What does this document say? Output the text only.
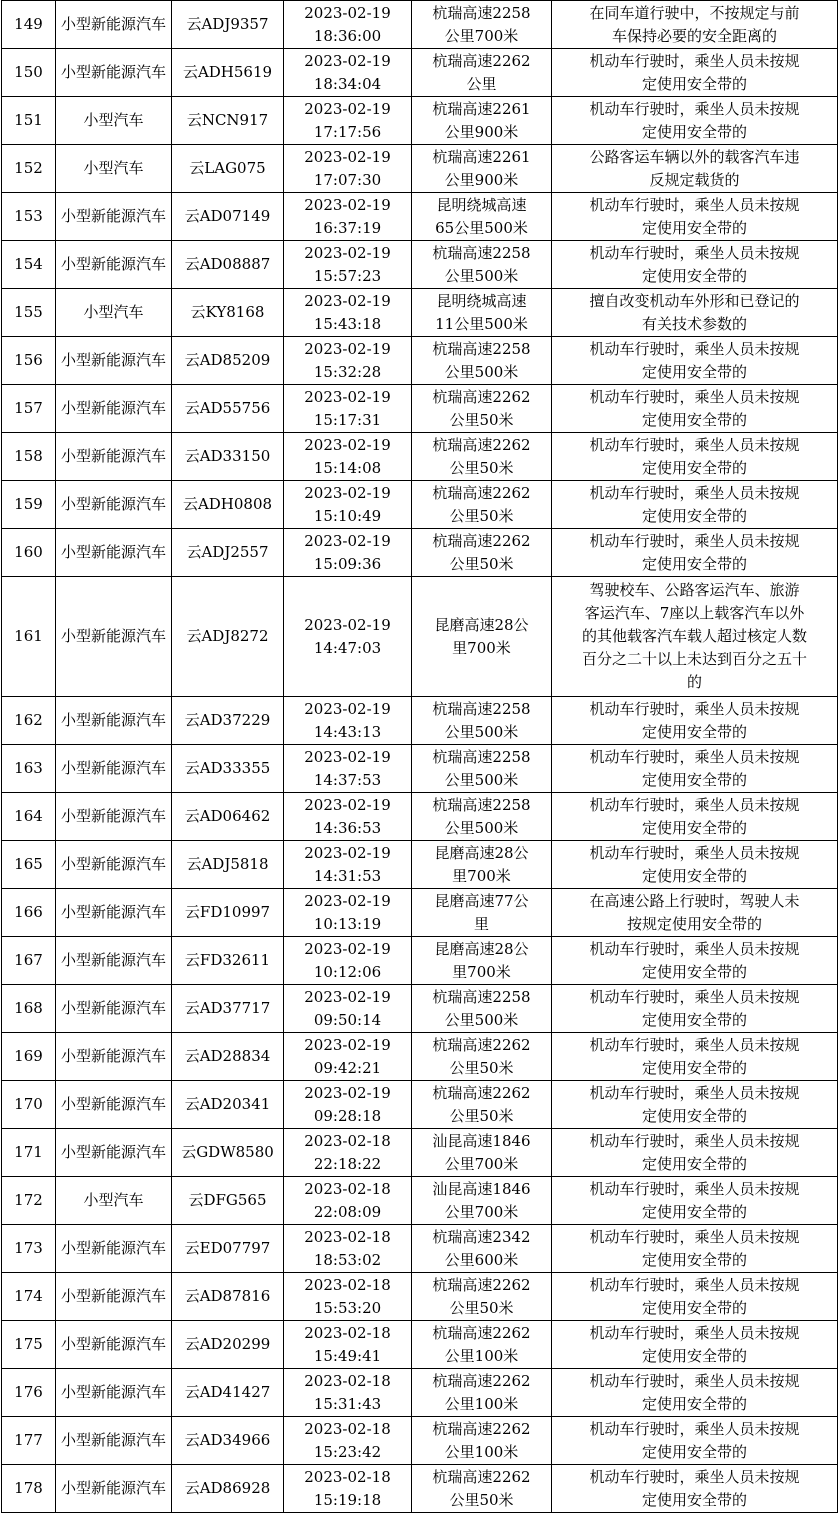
149	小型新能源汽车	云ADJ9357	2023-02-19
18:36:00	杭瑞高速2258
公里700米	在同车道行驶中，不按规定与前
车保持必要的安全距离的
150	小型新能源汽车	云ADH5619	2023-02-19
18:34:04	杭瑞高速2262
公里	机动车行驶时，乘坐人员未按规
定使用安全带的
151	小型汽车	云NCN917	2023-02-19
17:17:56	杭瑞高速2261
公里900米	机动车行驶时，乘坐人员未按规
定使用安全带的
152	小型汽车	云LAG075	2023-02-19
17:07:30	杭瑞高速2261
公里900米	公路客运车辆以外的载客汽车违
反规定载货的
153	小型新能源汽车	云AD07149	2023-02-19
16:37:19	昆明绕城高速
65公里500米	机动车行驶时，乘坐人员未按规
定使用安全带的
154	小型新能源汽车	云AD08887	2023-02-19
15:57:23	杭瑞高速2258
公里500米	机动车行驶时，乘坐人员未按规
定使用安全带的
155	小型汽车	云KY8168	2023-02-19
15:43:18	昆明绕城高速
11公里500米	擅自改变机动车外形和已登记的
有关技术参数的
156	小型新能源汽车	云AD85209	2023-02-19
15:32:28	杭瑞高速2258
公里500米	机动车行驶时，乘坐人员未按规
定使用安全带的
157	小型新能源汽车	云AD55756	2023-02-19
15:17:31	杭瑞高速2262
公里50米	机动车行驶时，乘坐人员未按规
定使用安全带的
158	小型新能源汽车	云AD33150	2023-02-19
15:14:08	杭瑞高速2262
公里50米	机动车行驶时，乘坐人员未按规
定使用安全带的
159	小型新能源汽车	云ADH0808	2023-02-19
15:10:49	杭瑞高速2262
公里50米	机动车行驶时，乘坐人员未按规
定使用安全带的
160	小型新能源汽车	云ADJ2557	2023-02-19
15:09:36	杭瑞高速2262
公里50米	机动车行驶时，乘坐人员未按规
定使用安全带的
161	小型新能源汽车	云ADJ8272	2023-02-19
14:47:03	昆磨高速28公
里700米	驾驶校车、公路客运汽车、旅游
客运汽车、7座以上载客汽车以外
的其他载客汽车载人超过核定人数
百分之二十以上未达到百分之五十
的
162	小型新能源汽车	云AD37229	2023-02-19
14:43:13	杭瑞高速2258
公里500米	机动车行驶时，乘坐人员未按规
定使用安全带的
163	小型新能源汽车	云AD33355	2023-02-19
14:37:53	杭瑞高速2258
公里500米	机动车行驶时，乘坐人员未按规
定使用安全带的
164	小型新能源汽车	云AD06462	2023-02-19
14:36:53	杭瑞高速2258
公里500米	机动车行驶时，乘坐人员未按规
定使用安全带的
165	小型新能源汽车	云ADJ5818	2023-02-19
14:31:53	昆磨高速28公
里700米	机动车行驶时，乘坐人员未按规
定使用安全带的
166	小型新能源汽车	云FD10997	2023-02-19
10:13:19	昆磨高速77公
里	在高速公路上行驶时，驾驶人未
按规定使用安全带的
167	小型新能源汽车	云FD32611	2023-02-19
10:12:06	昆磨高速28公
里700米	机动车行驶时，乘坐人员未按规
定使用安全带的
168	小型新能源汽车	云AD37717	2023-02-19
09:50:14	杭瑞高速2258
公里500米	机动车行驶时，乘坐人员未按规
定使用安全带的
169	小型新能源汽车	云AD28834	2023-02-19
09:42:21	杭瑞高速2262
公里50米	机动车行驶时，乘坐人员未按规
定使用安全带的
170	小型新能源汽车	云AD20341	2023-02-19
09:28:18	杭瑞高速2262
公里50米	机动车行驶时，乘坐人员未按规
定使用安全带的
171	小型新能源汽车	云GDW8580	2023-02-18
22:18:22	汕昆高速1846
公里700米	机动车行驶时，乘坐人员未按规
定使用安全带的
172	小型汽车	云DFG565	2023-02-18
22:08:09	汕昆高速1846
公里700米	机动车行驶时，乘坐人员未按规
定使用安全带的
173	小型新能源汽车	云ED07797	2023-02-18
18:53:02	杭瑞高速2342
公里600米	机动车行驶时，乘坐人员未按规
定使用安全带的
174	小型新能源汽车	云AD87816	2023-02-18
15:53:20	杭瑞高速2262
公里50米	机动车行驶时，乘坐人员未按规
定使用安全带的
175	小型新能源汽车	云AD20299	2023-02-18
15:49:41	杭瑞高速2262
公里100米	机动车行驶时，乘坐人员未按规
定使用安全带的
176	小型新能源汽车	云AD41427	2023-02-18
15:31:43	杭瑞高速2262
公里100米	机动车行驶时，乘坐人员未按规
定使用安全带的
177	小型新能源汽车	云AD34966	2023-02-18
15:23:42	杭瑞高速2262
公里100米	机动车行驶时，乘坐人员未按规
定使用安全带的
178	小型新能源汽车	云AD86928	2023-02-18
15:19:18	杭瑞高速2262
公里50米	机动车行驶时，乘坐人员未按规
定使用安全带的
